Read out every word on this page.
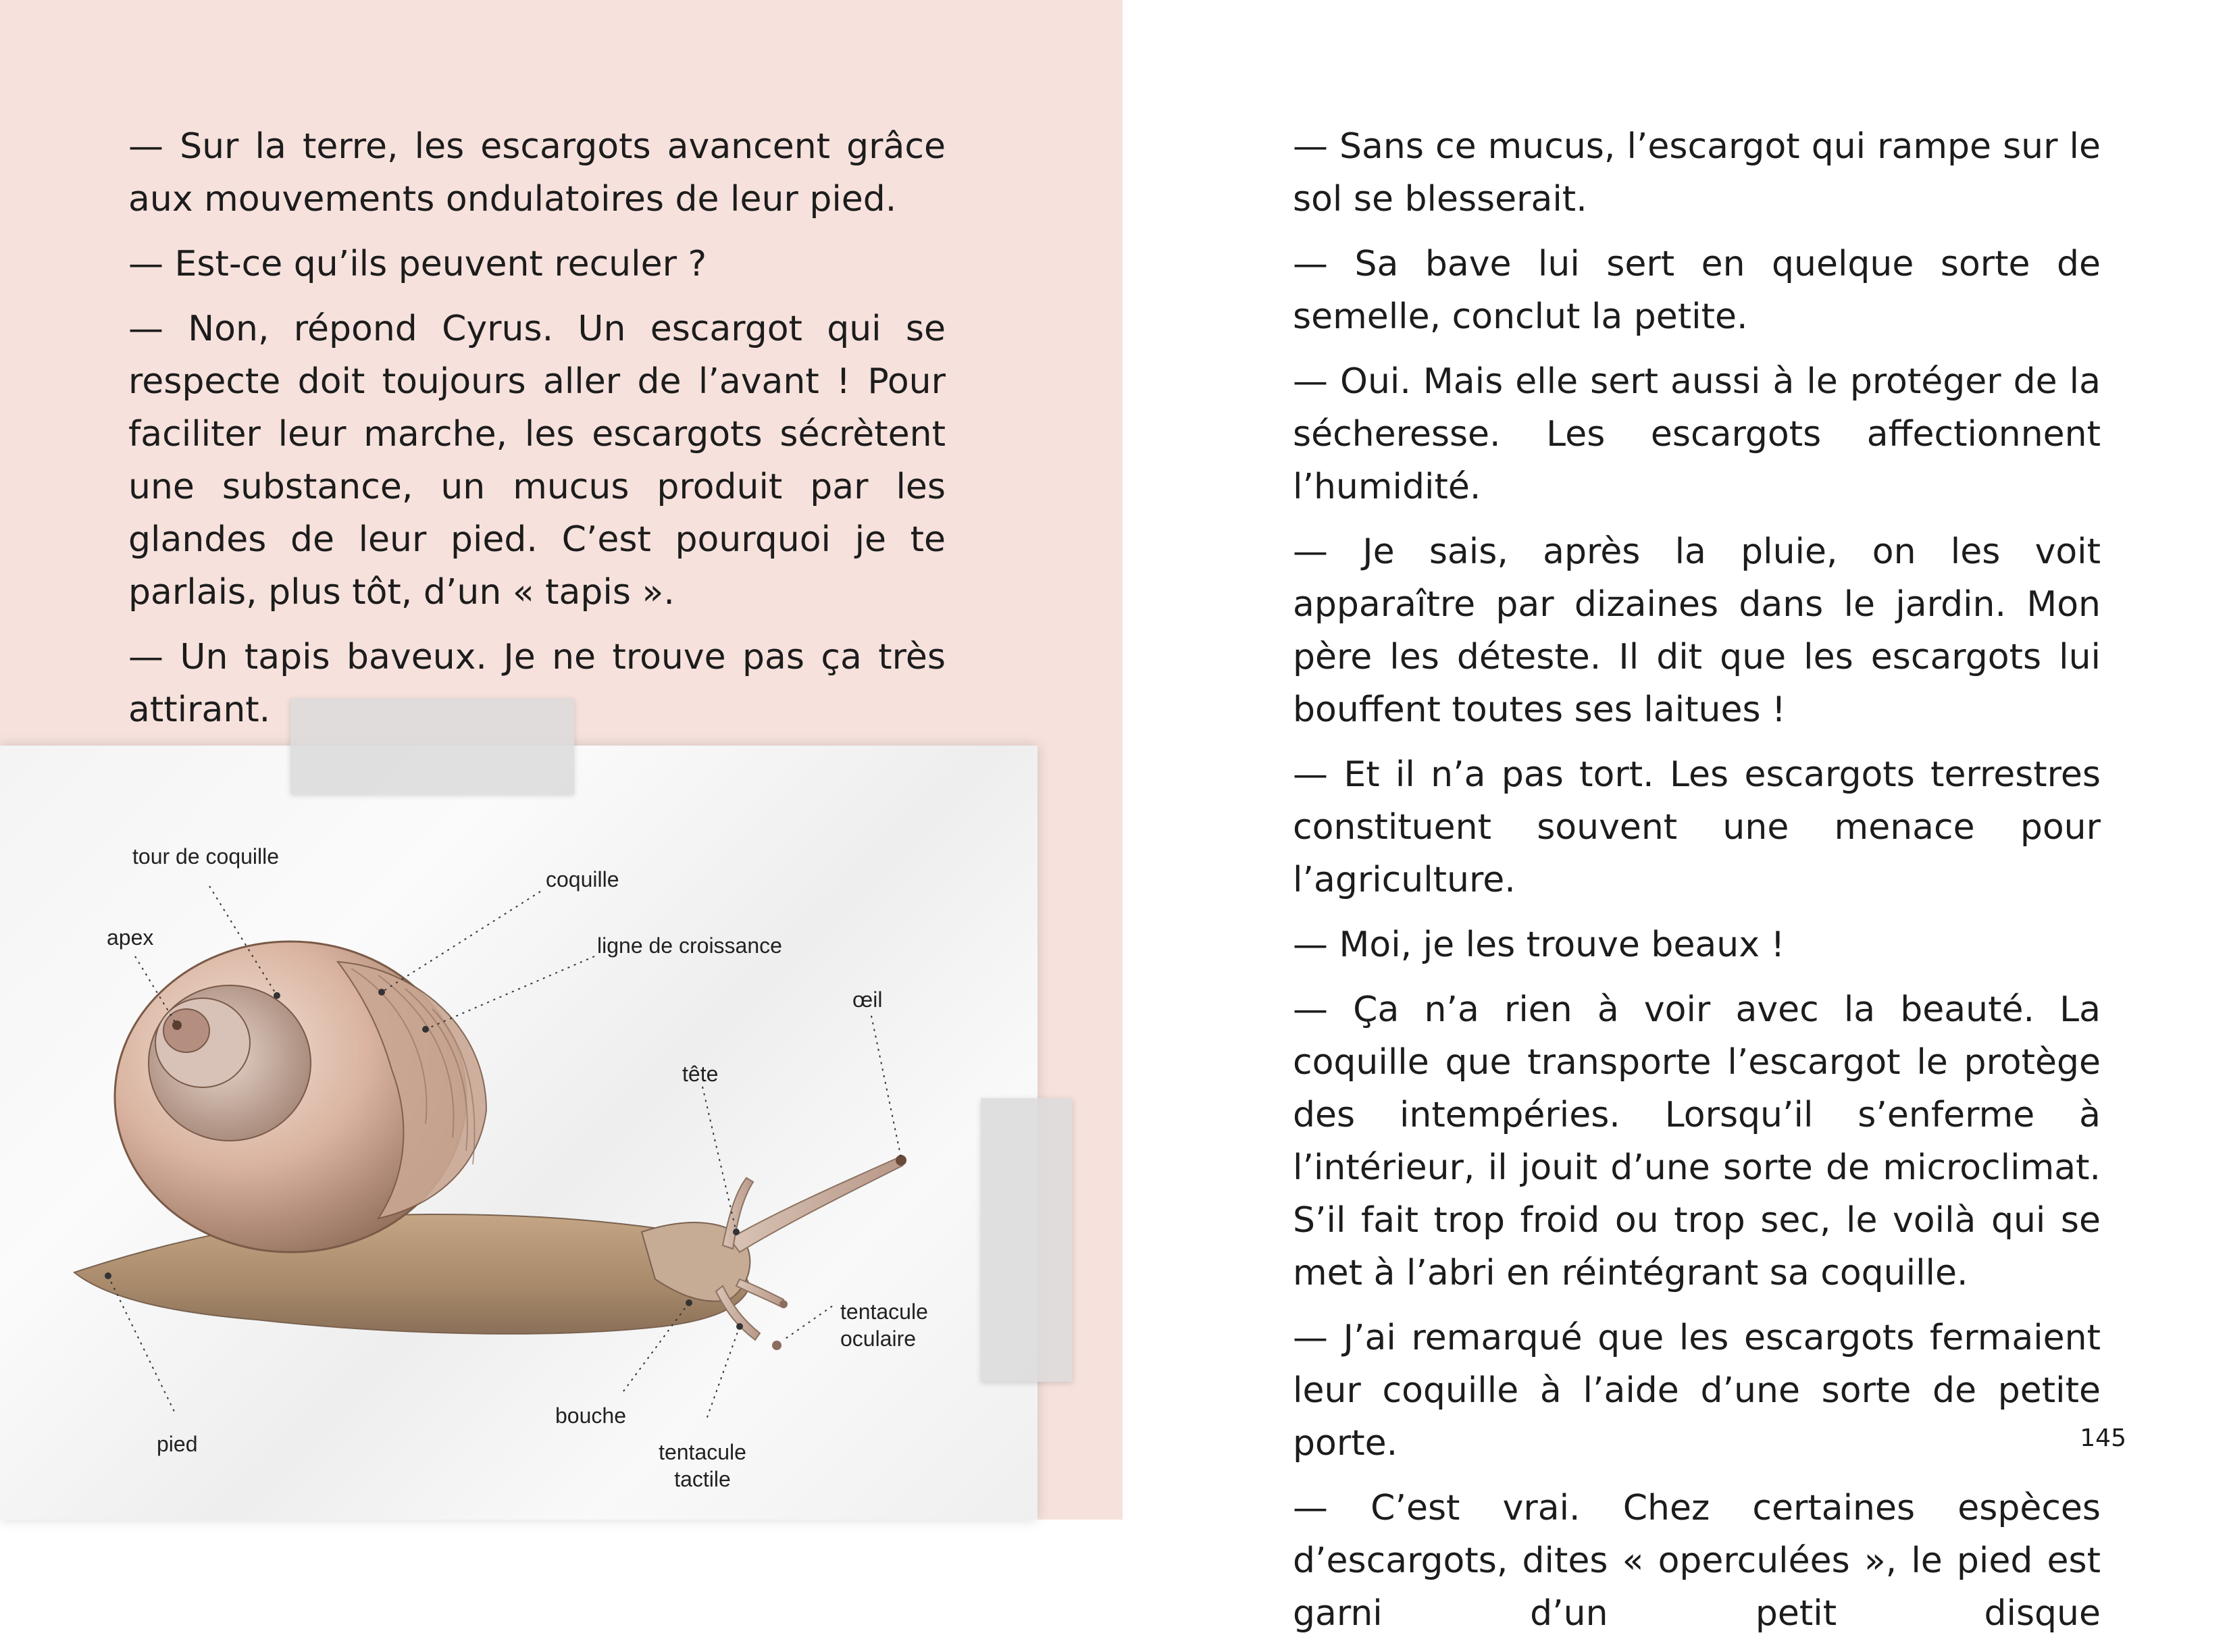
— Sur la terre, les escargots avancent grâce aux mouvements ondulatoires de leur pied.

— Est-ce qu’ils peuvent reculer ?

— Non, répond Cyrus. Un escargot qui se respecte doit toujours aller de l’avant ! Pour faciliter leur marche, les escargots sécrètent une substance, un mucus produit par les glandes de leur pied. C’est pourquoi je te parlais, plus tôt, d’un « tapis ».

— Un tapis baveux. Je ne trouve pas ça très attirant.

— Sans ce mucus, l’escargot qui rampe sur le sol se blesserait.

— Sa bave lui sert en quelque sorte de semelle, conclut la petite.

— Oui. Mais elle sert aussi à le protéger de la sécheresse. Les escargots affectionnent l’humidité.

— Je sais, après la pluie, on les voit apparaître par dizaines dans le jardin. Mon père les déteste. Il dit que les escargots lui bouffent toutes ses laitues !

— Et il n’a pas tort. Les escargots terrestres constituent souvent une menace pour l’agriculture.

— Moi, je les trouve beaux !

— Ça n’a rien à voir avec la beauté. La coquille que transporte l’escargot le protège des intempéries. Lorsqu’il s’enferme à l’intérieur, il jouit d’une sorte de microclimat. S’il fait trop froid ou trop sec, le voilà qui se met à l’abri en réintégrant sa coquille.

— J’ai remarqué que les escargots fermaient leur coquille à l’aide d’une sorte de petite porte.

— C’est vrai. Chez certaines espèces d’escargots, dites « operculées », le pied est garni d’un petit disque

145
tour de coquille
coquille
apex	ligne de croissance
œil
tête
tentacule
oculaire
pied
bouche
tentacule
tactile
